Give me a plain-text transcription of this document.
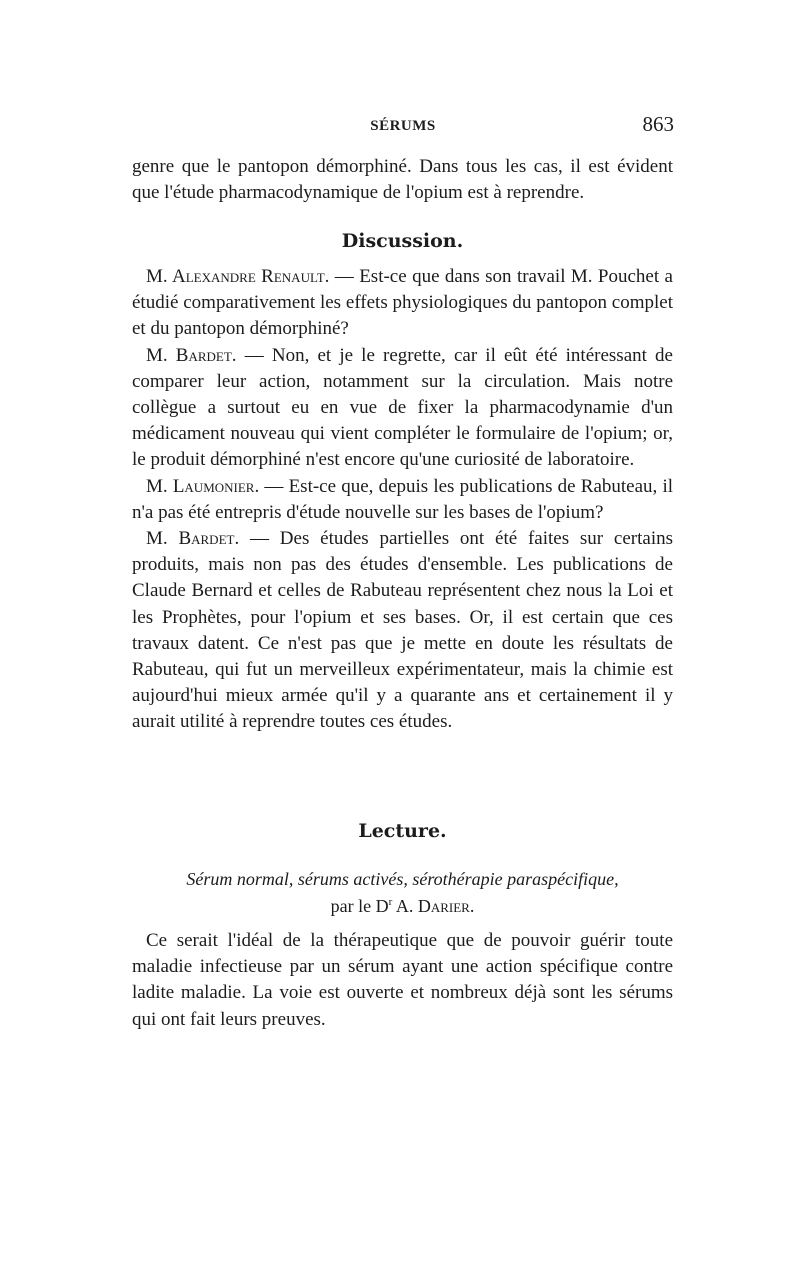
SÉRUMS	863

genre que le pantopon démorphiné. Dans tous les cas, il est évident que l'étude pharmacodynamique de l'opium est à reprendre.

Discussion.

M. Alexandre Renault. — Est-ce que dans son travail M. Pouchet a étudié comparativement les effets physiologiques du pantopon complet et du pantopon démorphiné?

M. Bardet. — Non, et je le regrette, car il eût été intéressant de comparer leur action, notamment sur la circulation. Mais notre collègue a surtout eu en vue de fixer la pharmacodynamie d'un médicament nouveau qui vient compléter le formulaire de l'opium; or, le produit démorphiné n'est encore qu'une curiosité de laboratoire.

M. Laumonier. — Est-ce que, depuis les publications de Rabuteau, il n'a pas été entrepris d'étude nouvelle sur les bases de l'opium?

M. Bardet. — Des études partielles ont été faites sur certains produits, mais non pas des études d'ensemble. Les publications de Claude Bernard et celles de Rabuteau représentent chez nous la Loi et les Prophètes, pour l'opium et ses bases. Or, il est certain que ces travaux datent. Ce n'est pas que je mette en doute les résultats de Rabuteau, qui fut un merveilleux expérimentateur, mais la chimie est aujourd'hui mieux armée qu'il y a quarante ans et certainement il y aurait utilité à reprendre toutes ces études.

Lecture.
Sérum normal, sérums activés, sérothérapie paraspécifique,
par le $D^r$ A. Darier.

Ce serait l'idéal de la thérapeutique que de pouvoir guérir toute maladie infectieuse par un sérum ayant une action spécifique contre ladite maladie. La voie est ouverte et nombreux déjà sont les sérums qui ont fait leurs preuves.
